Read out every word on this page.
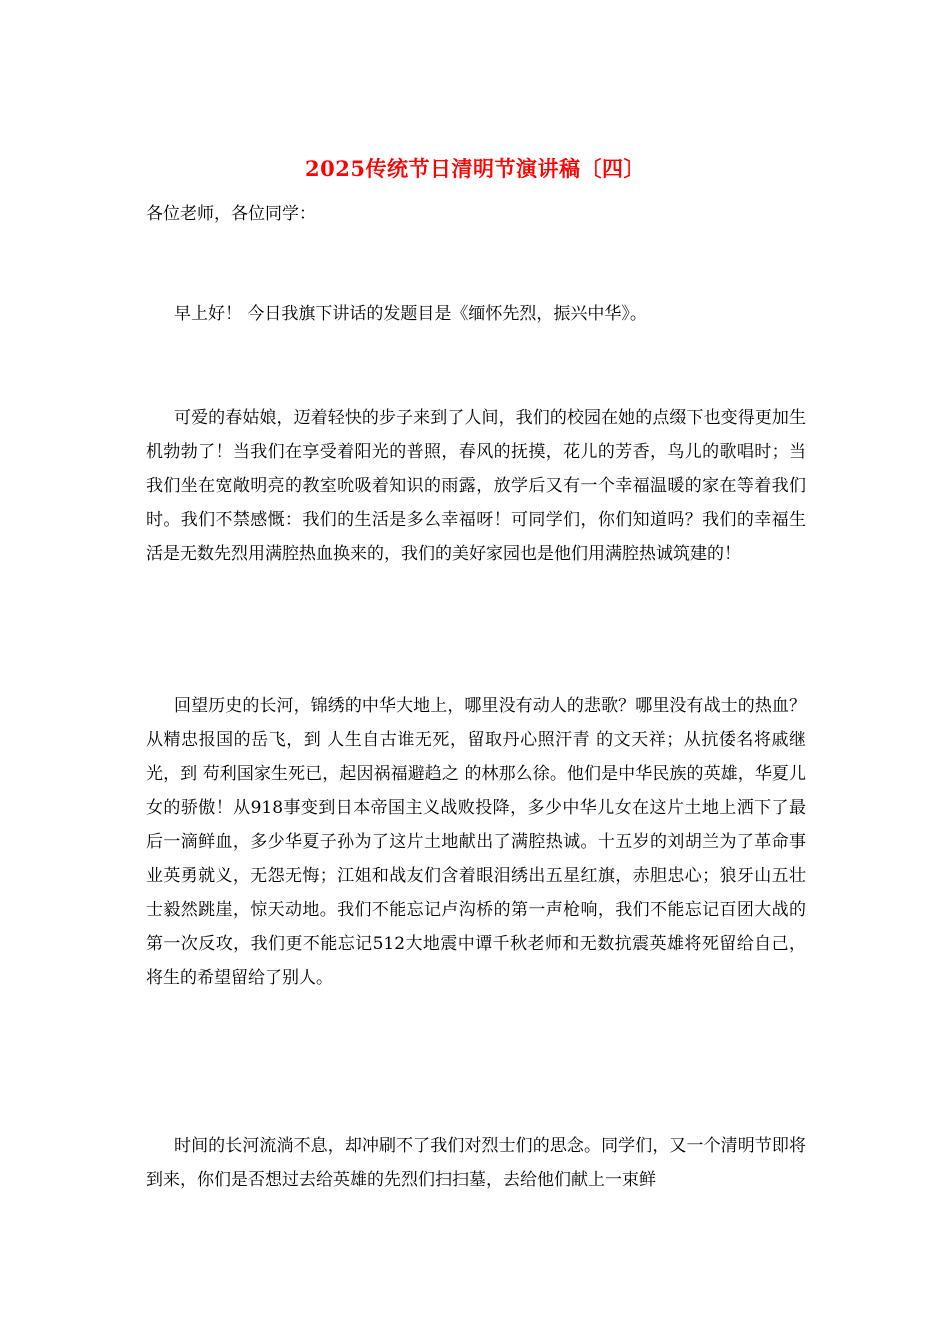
2025传统节日清明节演讲稿〔四〕
各位老师，各位同学：

早上好！ 今日我旗下讲话的发题目是《缅怀先烈，振兴中华》。

可爱的春姑娘，迈着轻快的步子来到了人间，我们的校园在她的点缀下也变得更加生机勃勃了！当我们在享受着阳光的普照，春风的抚摸，花儿的芳香，鸟儿的歌唱时；当我们坐在宽敞明亮的教室吮吸着知识的雨露，放学后又有一个幸福温暖的家在等着我们时。我们不禁感慨：我们的生活是多么幸福呀！可同学们，你们知道吗？我们的幸福生活是无数先烈用满腔热血换来的，我们的美好家园也是他们用满腔热诚筑建的！

回望历史的长河，锦绣的中华大地上，哪里没有动人的悲歌？哪里没有战士的热血？从精忠报国的岳飞，到 人生自古谁无死，留取丹心照汗青 的文天祥；从抗倭名将戚继光，到 苟利国家生死已，起因祸福避趋之 的林那么徐。他们是中华民族的英雄，华夏儿女的骄傲！从918事变到日本帝国主义战败投降，多少中华儿女在这片土地上洒下了最后一滴鲜血，多少华夏子孙为了这片土地献出了满腔热诚。十五岁的刘胡兰为了革命事业英勇就义，无怨无悔；江姐和战友们含着眼泪绣出五星红旗，赤胆忠心；狼牙山五壮士毅然跳崖，惊天动地。我们不能忘记卢沟桥的第一声枪响，我们不能忘记百团大战的第一次反攻，我们更不能忘记512大地震中谭千秋老师和无数抗震英雄将死留给自己，将生的希望留给了别人。

时间的长河流淌不息，却冲刷不了我们对烈士们的思念。同学们，又一个清明节即将到来，你们是否想过去给英雄的先烈们扫扫墓，去给他们献上一束鲜
